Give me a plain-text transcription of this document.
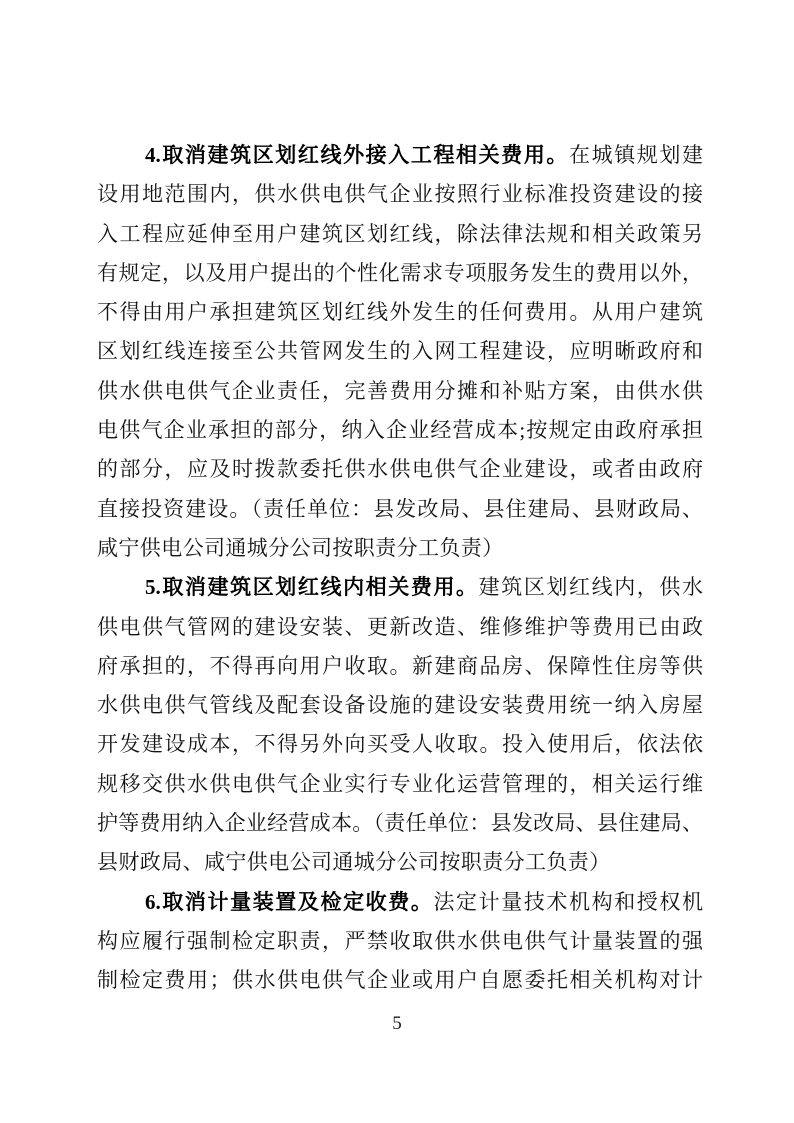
4.取消建筑区划红线外接入工程相关费用。在城镇规划建
设用地范围内，供水供电供气企业按照行业标准投资建设的接
入工程应延伸至用户建筑区划红线，除法律法规和相关政策另
有规定，以及用户提出的个性化需求专项服务发生的费用以外，
不得由用户承担建筑区划红线外发生的任何费用。从用户建筑
区划红线连接至公共管网发生的入网工程建设，应明晰政府和
供水供电供气企业责任，完善费用分摊和补贴方案，由供水供
电供气企业承担的部分，纳入企业经营成本;按规定由政府承担
的部分，应及时拨款委托供水供电供气企业建设，或者由政府
直接投资建设。（责任单位：县发改局、县住建局、县财政局、
咸宁供电公司通城分公司按职责分工负责）
5.取消建筑区划红线内相关费用。建筑区划红线内，供水
供电供气管网的建设安装、更新改造、维修维护等费用已由政
府承担的，不得再向用户收取。新建商品房、保障性住房等供
水供电供气管线及配套设备设施的建设安装费用统一纳入房屋
开发建设成本，不得另外向买受人收取。投入使用后，依法依
规移交供水供电供气企业实行专业化运营管理的，相关运行维
护等费用纳入企业经营成本。（责任单位：县发改局、县住建局、
县财政局、咸宁供电公司通城分公司按职责分工负责）
6.取消计量装置及检定收费。法定计量技术机构和授权机
构应履行强制检定职责，严禁收取供水供电供气计量装置的强
制检定费用；供水供电供气企业或用户自愿委托相关机构对计
5
